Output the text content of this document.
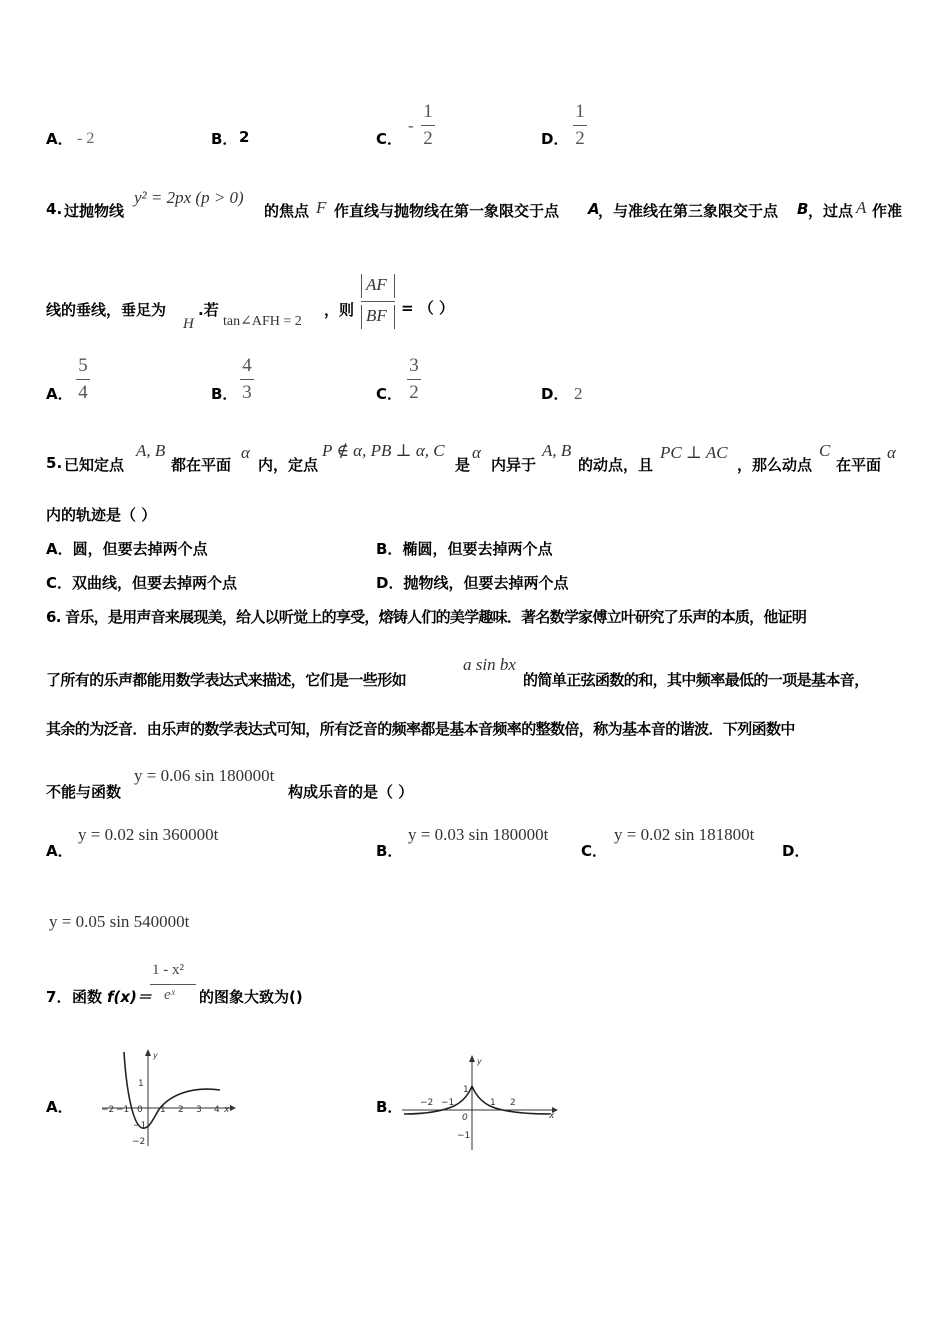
A． - 2	B． 2	C．
-
1
2	D．
1
2
4. 过抛物线
y² = 2px (p > 0)
的焦点 F 作直线与抛物线在第一象限交于点 A
，与准线在第三象限交于点 B ，过点 A 作准
线的垂线，垂足为
H
.若
tan∠AFH = 2
，则
AF
BF = （ ）
A．
5
4	B．
4
3	C．
3
2	D． 2
5. 已知定点
A, B
都在平面
α
内，定点
P ∉ α, PB ⊥ α, C
是
α
内异于
A, B
的动点，且
PC ⊥ AC
，那么动点
C
在平面
α
内的轨迹是（ ）
A．圆，但要去掉两个点	B．椭圆，但要去掉两个点
C．双曲线，但要去掉两个点	D．抛物线，但要去掉两个点
6. 音乐，是用声音来展现美，给人以听觉上的享受，熔铸人们的美学趣味．著名数学家傅立叶研究了乐声的本质，他证明
了所有的乐声都能用数学表达式来描述，它们是一些形如
a sin bx
的简单正弦函数的和，其中频率最低的一项是基本音，
其余的为泛音．由乐声的数学表达式可知，所有泛音的频率都是基本音频率的整数倍，称为基本音的谐波．下列函数中
不能与函数
y = 0.06 sin 180000t
构成乐音的是（ ）
A．
y = 0.02 sin 360000t
B．
y = 0.03 sin 180000t
C．
y = 0.02 sin 181800t
D．
y = 0.05 sin 540000t
7． 函数 f(x)＝
1 - x²
eˣ 的图象大致为()
A．	B．
−2 −1 0 1 2 3 4 x
1
−1
−2
y
−2 −1
0
1 2
x
1
−1
y
